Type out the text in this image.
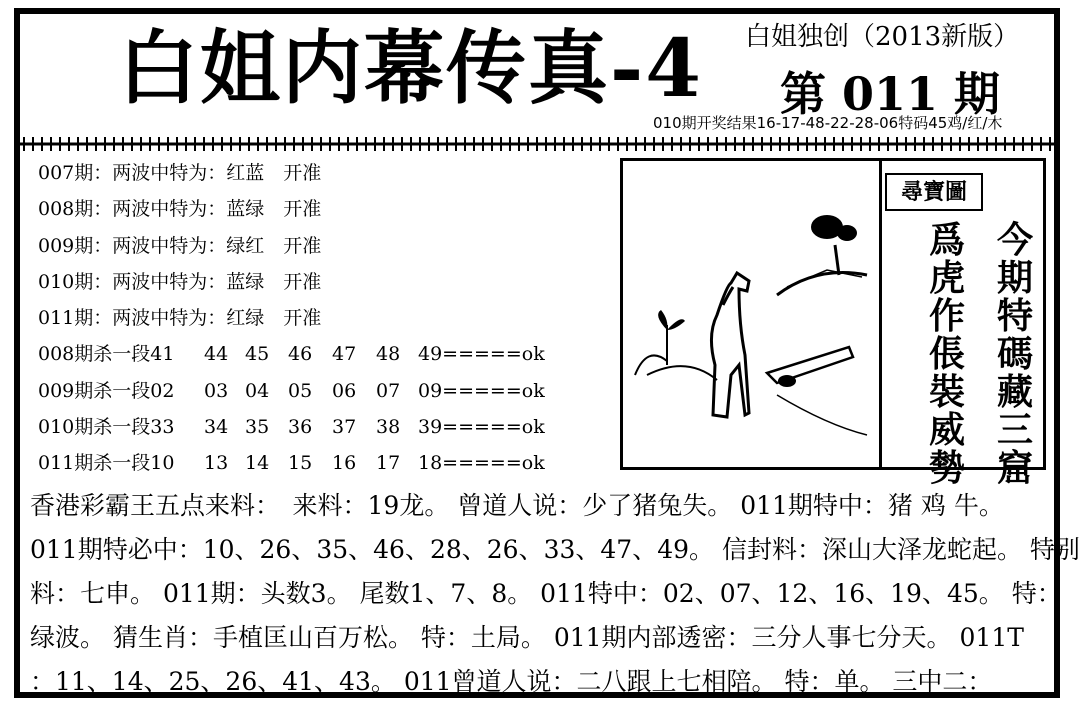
白姐内幕传真-4 白姐独创（2013新版）
第 011 期
010期开奖结果16-17-48-22-28-06特码45鸡/红/木
007期：两波中特为：红蓝　开准
008期：两波中特为：蓝绿　开准
009期：两波中特为：绿红　开准
010期：两波中特为：蓝绿　开准
011期：两波中特为：红绿　开准
008期杀一段41	44 45 46	47	48 49=====ok
009期杀一段02	03 04 05	06	07 09=====ok
010期杀一段33	34 35 36	37	38 39=====ok
011期杀一段10	13 14 15	16	17 18=====ok
尋寶圖
今
期
特
碼
藏
三
窟
爲
虎
作
倀
裝
威
勢
香港彩霸王五点来料：　来料：19龙。 曾道人说：少了猪兔失。 011期特中：猪 鸡 牛。
011期特必中：10、26、35、46、28、26、33、47、49。 信封料：深山大泽龙蛇起。 特别
料：七申。 011期：头数3。 尾数1、7、8。 011特中：02、07、12、16、19、45。 特：
绿波。 猜生肖：手植匡山百万松。 特：土局。 011期内部透密：三分人事七分天。 011T
：11、14、25、26、41、43。 011曾道人说：二八跟上七相陪。 特：单。 三中二：
